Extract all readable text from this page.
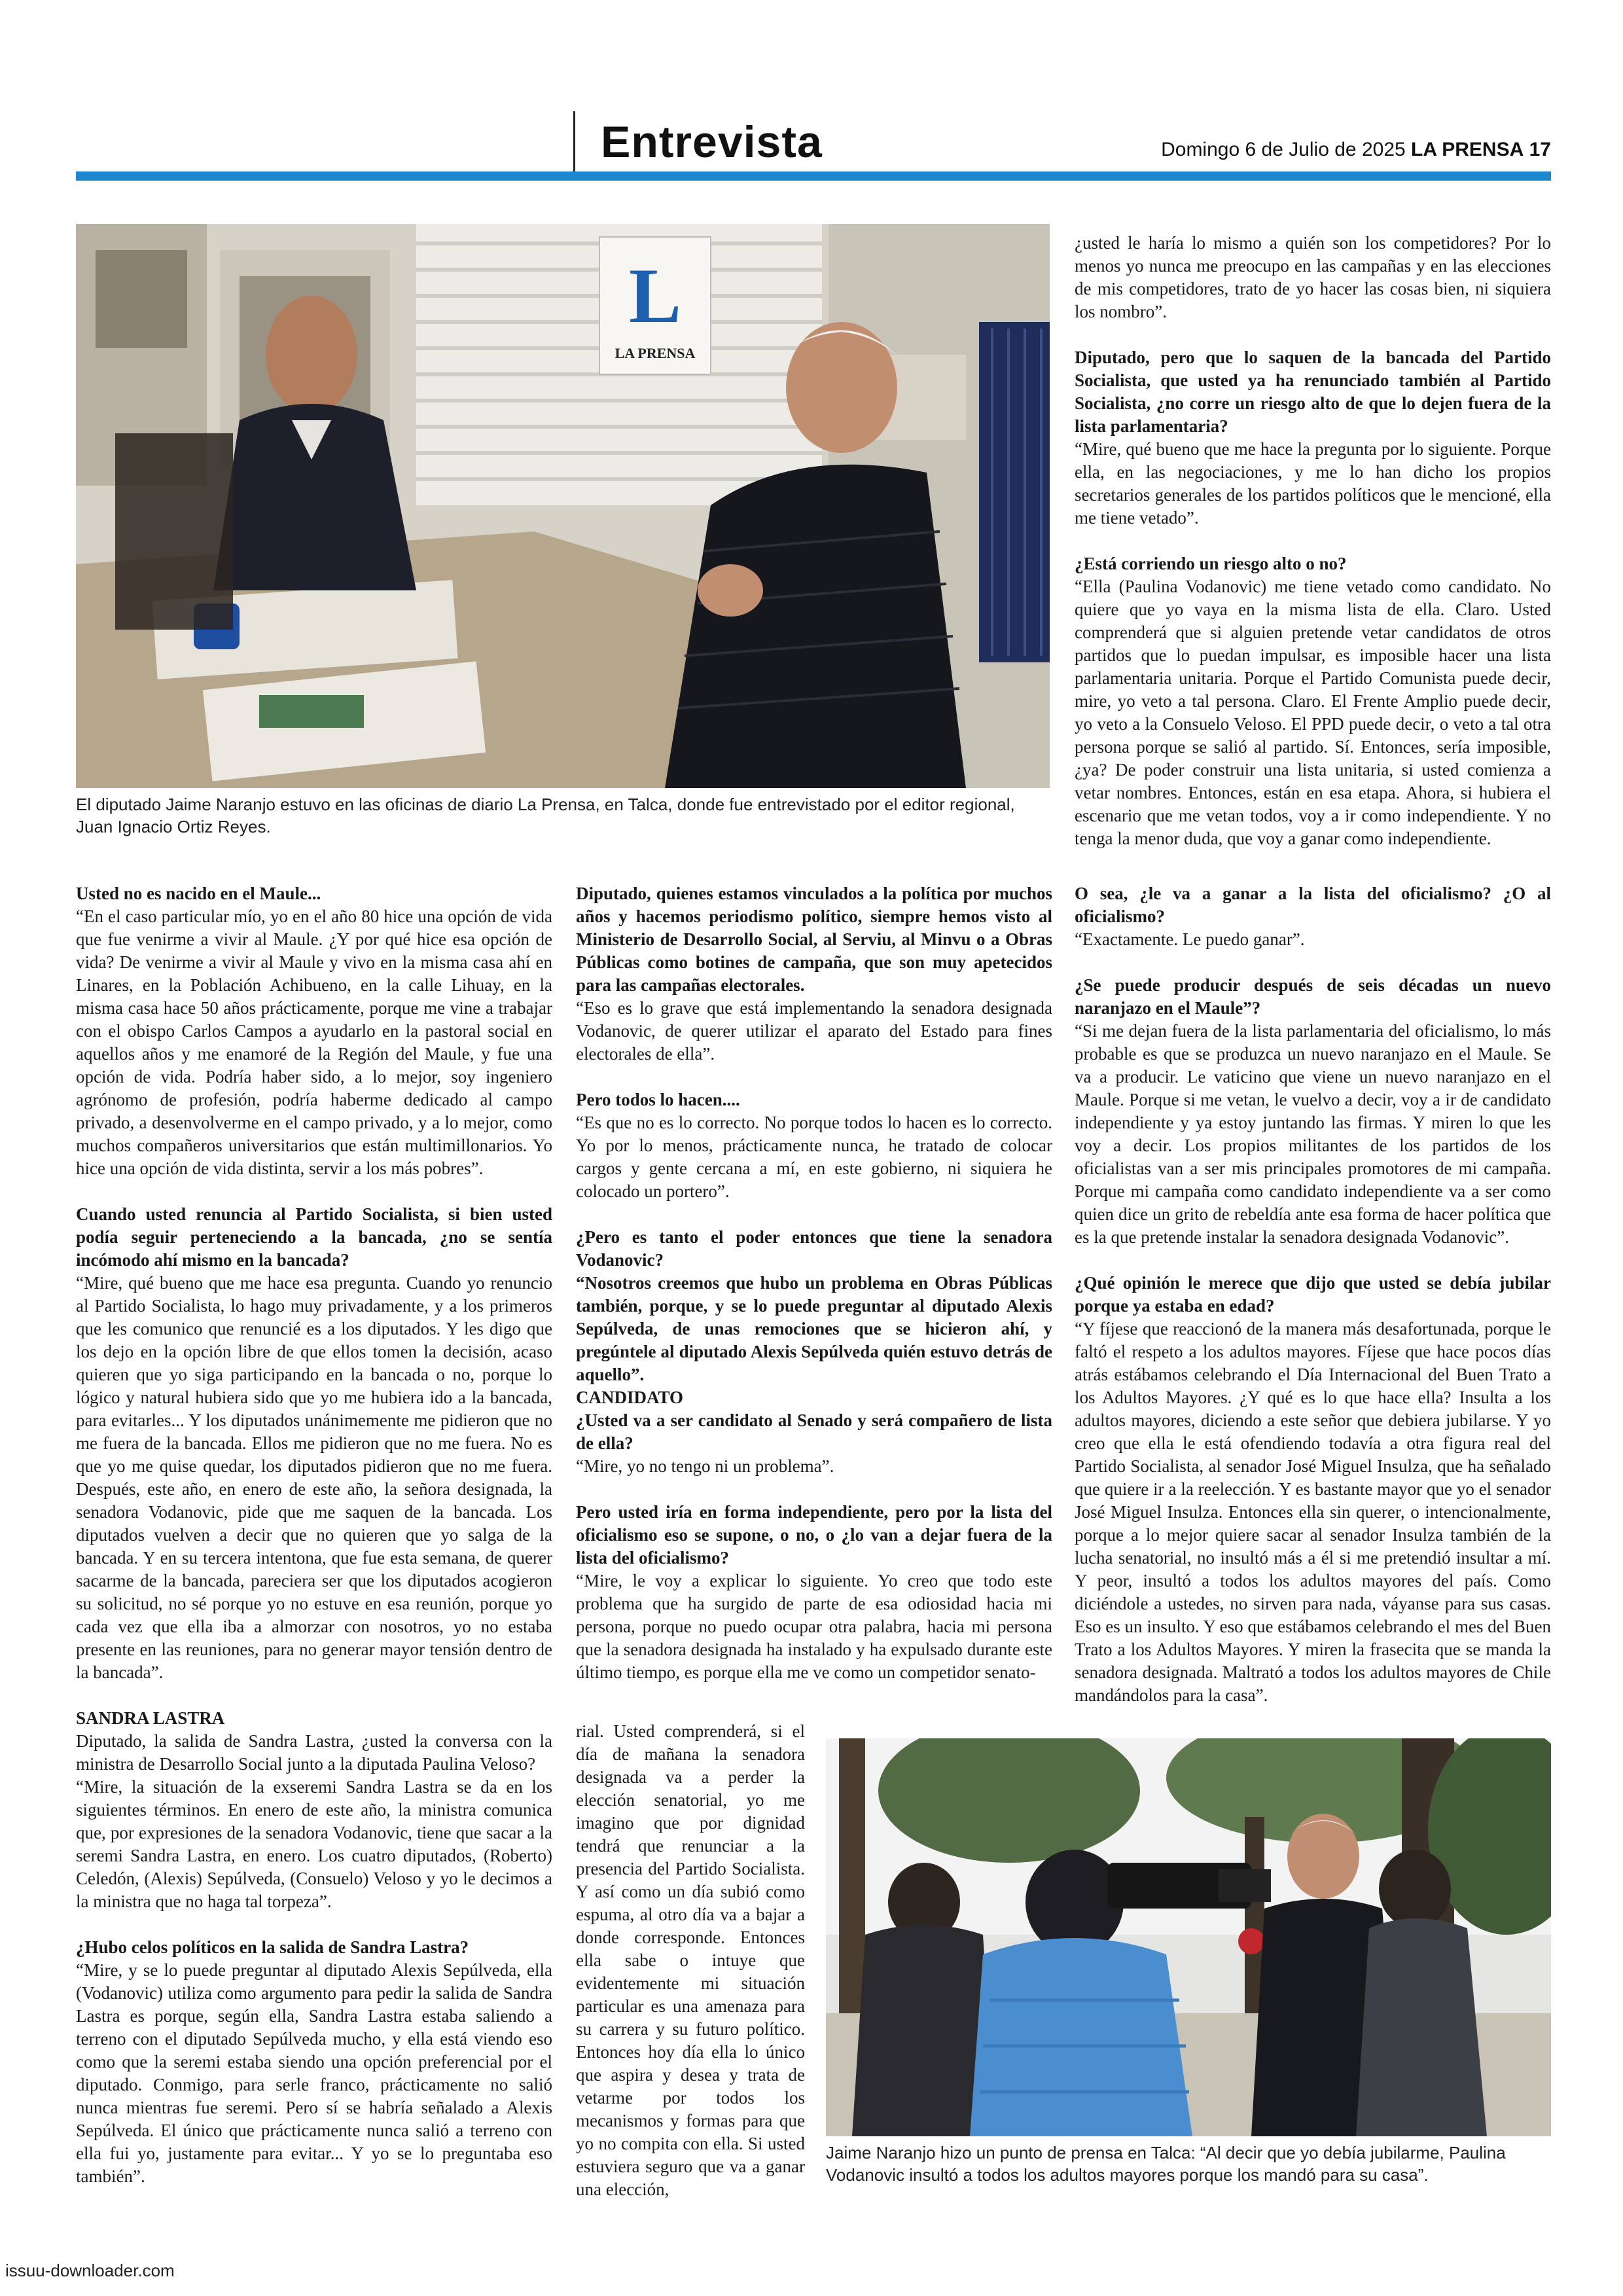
Entrevista	Domingo 6 de Julio de 2025 LA PRENSA 17
L
LA PRENSA
El diputado Jaime Naranjo estuvo en las oficinas de diario La Prensa, en Talca, donde fue entrevistado por el editor regional, Juan Ignacio Ortiz Reyes.

¿usted le haría lo mismo a quién son los competidores? Por lo menos yo nunca me preocupo en las campañas y en las elecciones de mis competidores, trato de yo hacer las cosas bien, ni siquiera los nombro”.

Diputado, pero que lo saquen de la bancada del Partido Socialista, que usted ya ha renunciado también al Partido Socialista, ¿no corre un riesgo alto de que lo dejen fuera de la lista parlamentaria?

“Mire, qué bueno que me hace la pregunta por lo siguiente. Porque ella, en las negociaciones, y me lo han dicho los propios secretarios generales de los partidos políticos que le mencioné, ella me tiene vetado”.

¿Está corriendo un riesgo alto o no?

“Ella (Paulina Vodanovic) me tiene vetado como candidato. No quiere que yo vaya en la misma lista de ella. Claro. Usted comprenderá que si alguien pretende vetar candidatos de otros partidos que lo puedan impulsar, es imposible hacer una lista parlamentaria unitaria. Porque el Partido Comunista puede decir, mire, yo veto a tal persona. Claro. El Frente Amplio puede decir, yo veto a la Consuelo Veloso. El PPD puede decir, o veto a tal otra persona porque se salió al partido. Sí. Entonces, sería imposible, ¿ya? De poder construir una lista unitaria, si usted comienza a vetar nombres. Entonces, están en esa etapa. Ahora, si hubiera el escenario que me vetan todos, voy a ir como independiente. Y no tenga la menor duda, que voy a ganar como independiente.

Usted no es nacido en el Maule...

“En el caso particular mío, yo en el año 80 hice una opción de vida que fue venirme a vivir al Maule. ¿Y por qué hice esa opción de vida? De venirme a vivir al Maule y vivo en la misma casa ahí en Linares, en la Población Achibueno, en la calle Lihuay, en la misma casa hace 50 años prácticamente, porque me vine a trabajar con el obispo Carlos Campos a ayudarlo en la pastoral social en aquellos años y me enamoré de la Región del Maule, y fue una opción de vida. Podría haber sido, a lo mejor, soy ingeniero agrónomo de profesión, podría haberme dedicado al campo privado, a desenvolverme en el campo privado, y a lo mejor, como muchos compañeros universitarios que están multimillonarios. Yo hice una opción de vida distinta, servir a los más pobres”.

Cuando usted renuncia al Partido Socialista, si bien usted podía seguir perteneciendo a la bancada, ¿no se sentía incómodo ahí mismo en la bancada?

“Mire, qué bueno que me hace esa pregunta. Cuando yo renuncio al Partido Socialista, lo hago muy privadamente, y a los primeros que les comunico que renuncié es a los diputados. Y les digo que los dejo en la opción libre de que ellos tomen la decisión, acaso quieren que yo siga participando en la bancada o no, porque lo lógico y natural hubiera sido que yo me hubiera ido a la bancada, para evitarles... Y los diputados unánimemente me pidieron que no me fuera de la bancada. Ellos me pidieron que no me fuera. No es que yo me quise quedar, los diputados pidieron que no me fuera. Después, este año, en enero de este año, la señora designada, la senadora Vodanovic, pide que me saquen de la bancada. Los diputados vuelven a decir que no quieren que yo salga de la bancada. Y en su tercera intentona, que fue esta semana, de querer sacarme de la bancada, pareciera ser que los diputados acogieron su solicitud, no sé porque yo no estuve en esa reunión, porque yo cada vez que ella iba a almorzar con nosotros, yo no estaba presente en las reuniones, para no generar mayor tensión dentro de la bancada”.

SANDRA LASTRA

Diputado, la salida de Sandra Lastra, ¿usted la conversa con la ministra de Desarrollo Social junto a la diputada Paulina Veloso?

“Mire, la situación de la exseremi Sandra Lastra se da en los siguientes términos. En enero de este año, la ministra comunica que, por expresiones de la senadora Vodanovic, tiene que sacar a la seremi Sandra Lastra, en enero. Los cuatro diputados, (Roberto) Celedón, (Alexis) Sepúlveda, (Consuelo) Veloso y yo le decimos a la ministra que no haga tal torpeza”.

¿Hubo celos políticos en la salida de Sandra Lastra?

“Mire, y se lo puede preguntar al diputado Alexis Sepúlveda, ella (Vodanovic) utiliza como argumento para pedir la salida de Sandra Lastra es porque, según ella, Sandra Lastra estaba saliendo a terreno con el diputado Sepúlveda mucho, y ella está viendo eso como que la seremi estaba siendo una opción preferencial por el diputado. Conmigo, para serle franco, prácticamente no salió nunca mientras fue seremi. Pero sí se habría señalado a Alexis Sepúlveda. El único que prácticamente nunca salió a terreno con ella fui yo, justamente para evitar... Y yo se lo preguntaba eso también”.

Diputado, quienes estamos vinculados a la política por muchos años y hacemos periodismo político, siempre hemos visto al Ministerio de Desarrollo Social, al Serviu, al Minvu o a Obras Públicas como botines de campaña, que son muy apetecidos para las campañas electorales.

“Eso es lo grave que está implementando la senadora designada Vodanovic, de querer utilizar el aparato del Estado para fines electorales de ella”.

Pero todos lo hacen....

“Es que no es lo correcto. No porque todos lo hacen es lo correcto. Yo por lo menos, prácticamente nunca, he tratado de colocar cargos y gente cercana a mí, en este gobierno, ni siquiera he colocado un portero”.

¿Pero es tanto el poder entonces que tiene la senadora Vodanovic?

“Nosotros creemos que hubo un problema en Obras Públicas también, porque, y se lo puede preguntar al diputado Alexis Sepúlveda, de unas remociones que se hicieron ahí, y pregúntele al diputado Alexis Sepúlveda quién estuvo detrás de aquello”.

CANDIDATO

¿Usted va a ser candidato al Senado y será compañero de lista de ella?

“Mire, yo no tengo ni un problema”.

Pero usted iría en forma independiente, pero por la lista del oficialismo eso se supone, o no, o ¿lo van a dejar fuera de la lista del oficialismo?

“Mire, le voy a explicar lo siguiente. Yo creo que todo este problema que ha surgido de parte de esa odiosidad hacia mi persona, porque no puedo ocupar otra palabra, hacia mi persona que la senadora designada ha instalado y ha expulsado durante este último tiempo, es porque ella me ve como un competidor senato-

rial. Usted comprenderá, si el día de mañana la senadora designada va a perder la elección senatorial, yo me imagino que por dignidad tendrá que renunciar a la presencia del Partido Socialista. Y así como un día subió como espuma, al otro día va a bajar a donde corresponde. Entonces ella sabe o intuye que evidentemente mi situación particular es una amenaza para su carrera y su futuro político. Entonces hoy día ella lo único que aspira y desea y trata de vetarme por todos los mecanismos y formas para que yo no compita con ella. Si usted estuviera seguro que va a ganar una elección,

O sea, ¿le va a ganar a la lista del oficialismo? ¿O al oficialismo?

“Exactamente. Le puedo ganar”.

¿Se puede producir después de seis décadas un nuevo naranjazo en el Maule”?

“Si me dejan fuera de la lista parlamentaria del oficialismo, lo más probable es que se produzca un nuevo naranjazo en el Maule. Se va a producir. Le vaticino que viene un nuevo naranjazo en el Maule. Porque si me vetan, le vuelvo a decir, voy a ir de candidato independiente y ya estoy juntando las firmas. Y miren lo que les voy a decir. Los propios militantes de los partidos de los oficialistas van a ser mis principales promotores de mi campaña. Porque mi campaña como candidato independiente va a ser como quien dice un grito de rebeldía ante esa forma de hacer política que es la que pretende instalar la senadora designada Vodanovic”.

¿Qué opinión le merece que dijo que usted se debía jubilar porque ya estaba en edad?

“Y fíjese que reaccionó de la manera más desafortunada, porque le faltó el respeto a los adultos mayores. Fíjese que hace pocos días atrás estábamos celebrando el Día Internacional del Buen Trato a los Adultos Mayores. ¿Y qué es lo que hace ella? Insulta a los adultos mayores, diciendo a este señor que debiera jubilarse. Y yo creo que ella le está ofendiendo todavía a otra figura real del Partido Socialista, al senador José Miguel Insulza, que ha señalado que quiere ir a la reelección. Y es bastante mayor que yo el senador José Miguel Insulza. Entonces ella sin querer, o intencionalmente, porque a lo mejor quiere sacar al senador Insulza también de la lucha senatorial, no insultó más a él si me pretendió insultar a mí. Y peor, insultó a todos los adultos mayores del país. Como diciéndole a ustedes, no sirven para nada, váyanse para sus casas. Eso es un insulto. Y eso que estábamos celebrando el mes del Buen Trato a los Adultos Mayores. Y miren la frasecita que se manda la senadora designada. Maltrató a todos los adultos mayores de Chile mandándolos para la casa”.

Jaime Naranjo hizo un punto de prensa en Talca: “Al decir que yo debía jubilarme, Paulina Vodanovic insultó a todos los adultos mayores porque los mandó para su casa”.
issuu-downloader.com
